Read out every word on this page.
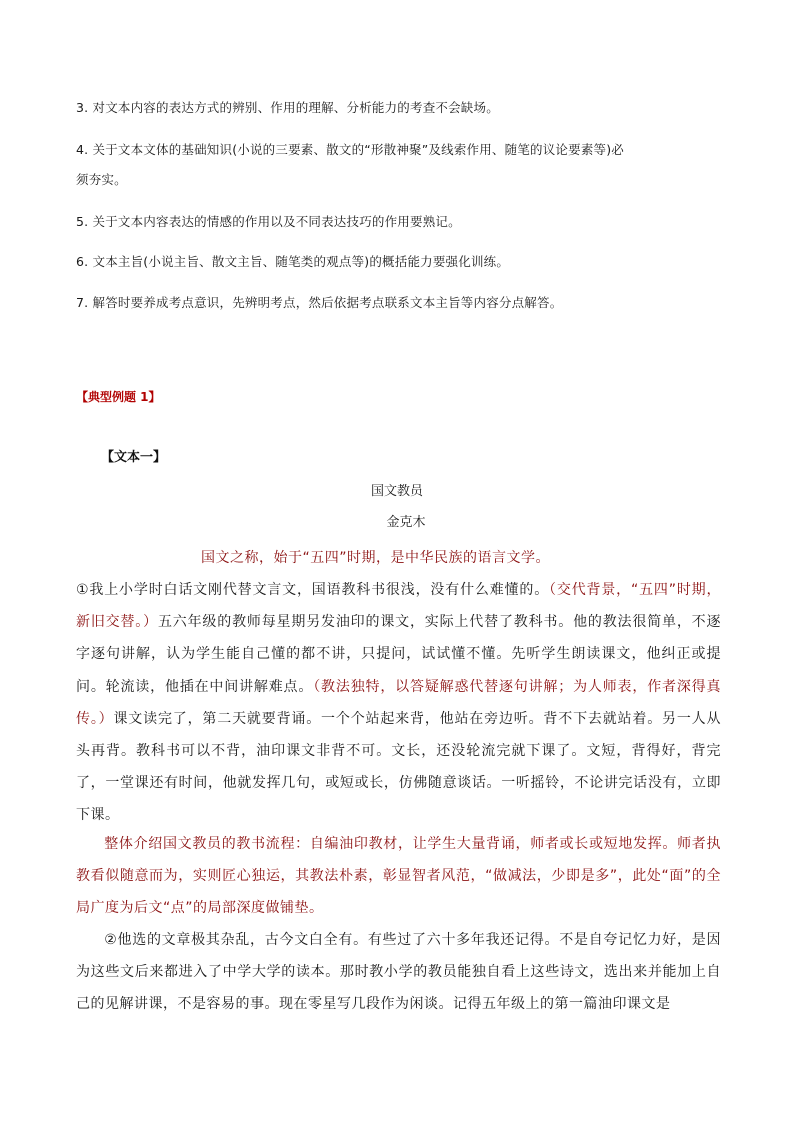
3. 对文本内容的表达方式的辨别、作用的理解、分析能力的考查不会缺场。
4. 关于文本文体的基础知识(小说的三要素、散文的“形散神聚”及线索作用、随笔的议论要素等)必
须夯实。
5. 关于文本内容表达的情感的作用以及不同表达技巧的作用要熟记。
6. 文本主旨(小说主旨、散文主旨、随笔类的观点等)的概括能力要强化训练。
7. 解答时要养成考点意识，先辨明考点，然后依据考点联系文本主旨等内容分点解答。
【典型例题 1】
【文本一】
国文教员
金克木
国文之称，始于“五四”时期，是中华民族的语言文学。
①我上小学时白话文刚代替文言文，国语教科书很浅，没有什么难懂的。（交代背景，“五四”时期，新旧交替。）五六年级的教师每星期另发油印的课文，实际上代替了教科书。他的教法很简单，不逐字逐句讲解，认为学生能自己懂的都不讲，只提问，试试懂不懂。先听学生朗读课文，他纠正或提问。轮流读，他插在中间讲解难点。（教法独特，以答疑解惑代替逐句讲解；为人师表，作者深得真传。）课文读完了，第二天就要背诵。一个个站起来背，他站在旁边听。背不下去就站着。另一人从头再背。教科书可以不背，油印课文非背不可。文长，还没轮流完就下课了。文短，背得好，背完了，一堂课还有时间，他就发挥几句，或短或长，仿佛随意谈话。一听摇铃，不论讲完话没有，立即下课。
整体介绍国文教员的教书流程：自编油印教材，让学生大量背诵，师者或长或短地发挥。师者执教看似随意而为，实则匠心独运，其教法朴素，彰显智者风范，“做减法，少即是多”，此处“面”的全局广度为后文“点”的局部深度做铺垫。
②他选的文章极其杂乱，古今文白全有。有些过了六十多年我还记得。不是自夸记忆力好，是因为这些文后来都进入了中学大学的读本。那时教小学的教员能独自看上这些诗文，选出来并能加上自己的见解讲课，不是容易的事。现在零星写几段作为闲谈。记得五年级上的第一篇油印课文是
